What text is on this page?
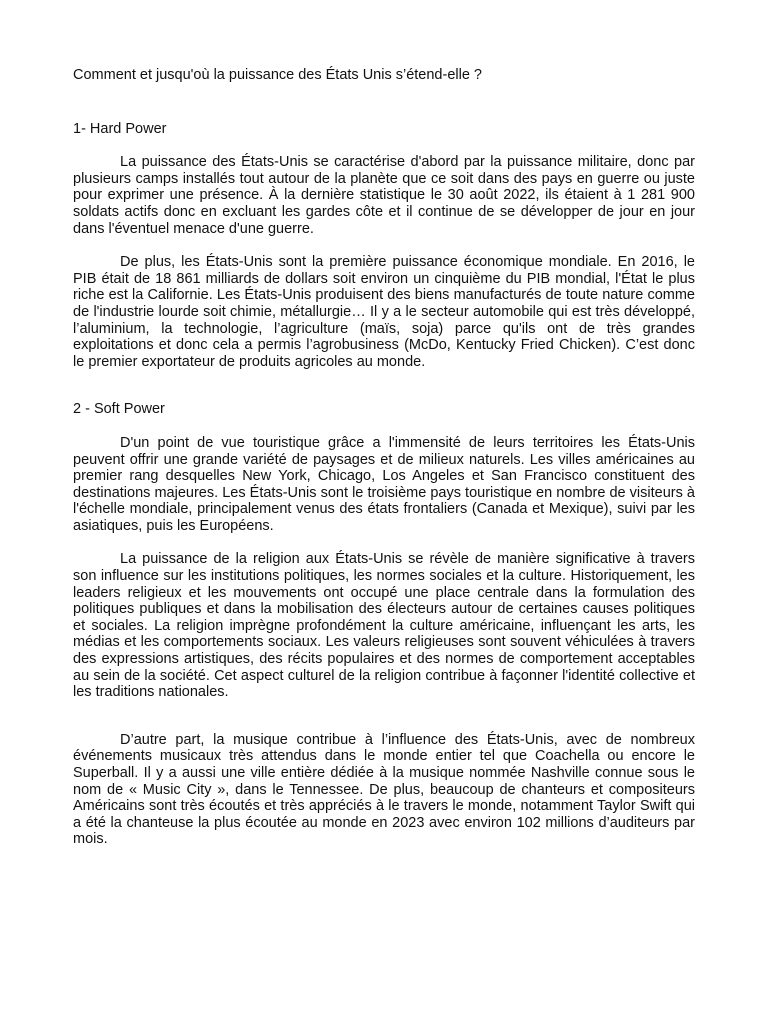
Comment et jusqu'où la puissance des États Unis s’étend-elle ?

1- Hard Power

La puissance des États-Unis se caractérise d'abord par la puissance militaire, donc par plusieurs camps installés tout autour de la planète que ce soit dans des pays en guerre ou juste pour exprimer une présence. À la dernière statistique le 30 août 2022, ils étaient à 1 281 900 soldats actifs donc en excluant les gardes côte et il continue de se développer de jour en jour dans l'éventuel menace d'une guerre.

De plus, les États-Unis sont la première puissance économique mondiale. En 2016, le PIB était de 18 861 milliards de dollars soit environ un cinquième du PIB mondial, l'État le plus riche est la Californie. Les États-Unis produisent des biens manufacturés de toute nature comme de l'industrie lourde soit chimie, métallurgie… Il y a le secteur automobile qui est très développé, l’aluminium, la technologie, l’agriculture (maïs, soja) parce qu'ils ont de très grandes exploitations et donc cela a permis l’agrobusiness (McDo, Kentucky Fried Chicken). C’est donc le premier exportateur de produits agricoles au monde.

2 - Soft Power

D'un point de vue touristique grâce a l'immensité de leurs territoires les États-Unis peuvent offrir une grande variété de paysages et de milieux naturels. Les villes américaines au premier rang desquelles New York, Chicago, Los Angeles et San Francisco constituent des destinations majeures. Les États-Unis sont le troisième pays touristique en nombre de visiteurs à l'échelle mondiale, principalement venus des états frontaliers (Canada et Mexique), suivi par les asiatiques, puis les Européens.

La puissance de la religion aux États-Unis se révèle de manière significative à travers son influence sur les institutions politiques, les normes sociales et la culture. Historiquement, les leaders religieux et les mouvements ont occupé une place centrale dans la formulation des politiques publiques et dans la mobilisation des électeurs autour de certaines causes politiques et sociales. La religion imprègne profondément la culture américaine, influençant les arts, les médias et les comportements sociaux. Les valeurs religieuses sont souvent véhiculées à travers des expressions artistiques, des récits populaires et des normes de comportement acceptables au sein de la société. Cet aspect culturel de la religion contribue à façonner l'identité collective et les traditions nationales.

D’autre part, la musique contribue à l’influence des États-Unis, avec de nombreux événements musicaux très attendus dans le monde entier tel que Coachella ou encore le Superball. Il y a aussi une ville entière dédiée à la musique nommée Nashville connue sous le nom de « Music City », dans le Tennessee. De plus, beaucoup de chanteurs et compositeurs Américains sont très écoutés et très appréciés à le travers le monde, notamment Taylor Swift qui a été la chanteuse la plus écoutée au monde en 2023 avec environ 102 millions d’auditeurs par mois.
